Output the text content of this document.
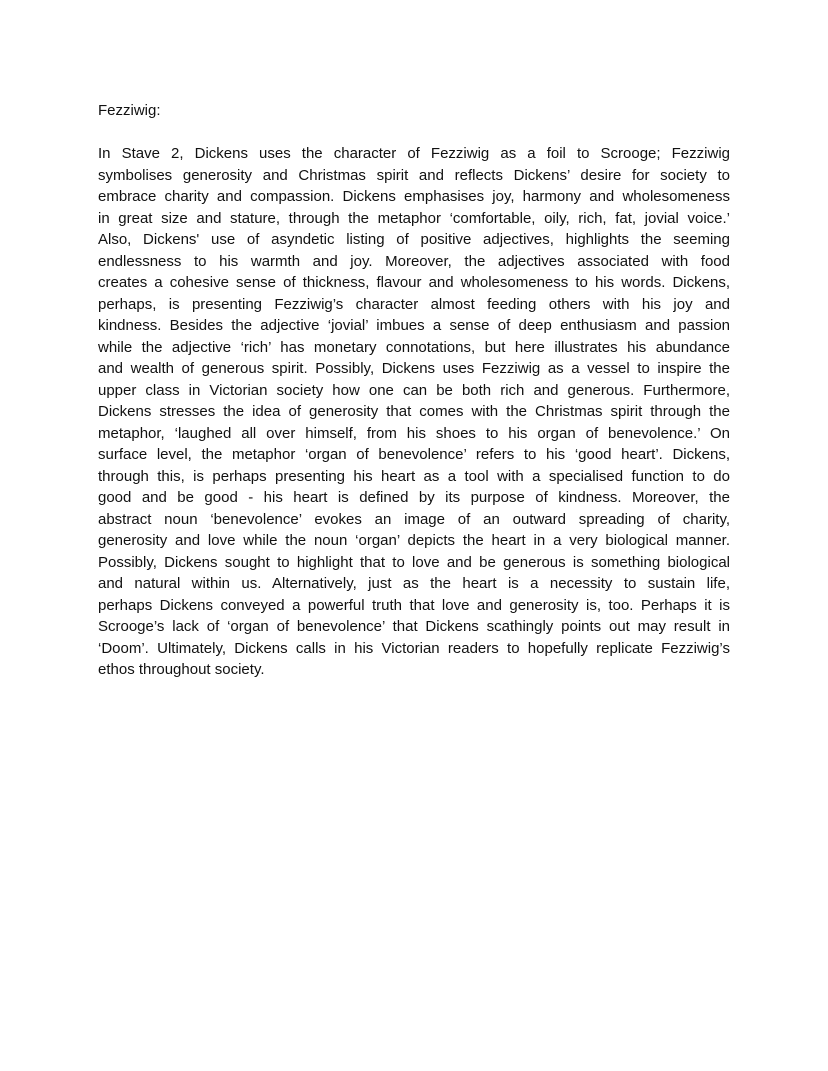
Fezziwig:
In Stave 2, Dickens uses the character of Fezziwig as a foil to Scrooge; Fezziwig
symbolises generosity and Christmas spirit and reflects Dickens’ desire for society to
embrace charity and compassion. Dickens emphasises joy, harmony and wholesomeness
in great size and stature, through the metaphor ‘comfortable, oily, rich, fat, jovial voice.’
Also, Dickens' use of asyndetic listing of positive adjectives, highlights the seeming
endlessness to his warmth and joy. Moreover, the adjectives associated with food
creates a cohesive sense of thickness, flavour and wholesomeness to his words. Dickens,
perhaps, is presenting Fezziwig’s character almost feeding others with his joy and
kindness. Besides the adjective ‘jovial’ imbues a sense of deep enthusiasm and passion
while the adjective ‘rich’ has monetary connotations, but here illustrates his abundance
and wealth of generous spirit. Possibly, Dickens uses Fezziwig as a vessel to inspire the
upper class in Victorian society how one can be both rich and generous. Furthermore,
Dickens stresses the idea of generosity that comes with the Christmas spirit through the
metaphor, ‘laughed all over himself, from his shoes to his organ of benevolence.’ On
surface level, the metaphor ‘organ of benevolence’ refers to his ‘good heart’. Dickens,
through this, is perhaps presenting his heart as a tool with a specialised function to do
good and be good - his heart is defined by its purpose of kindness. Moreover, the
abstract noun ‘benevolence’ evokes an image of an outward spreading of charity,
generosity and love while the noun ‘organ’ depicts the heart in a very biological manner.
Possibly, Dickens sought to highlight that to love and be generous is something biological
and natural within us. Alternatively, just as the heart is a necessity to sustain life,
perhaps Dickens conveyed a powerful truth that love and generosity is, too. Perhaps it is
Scrooge’s lack of ‘organ of benevolence’ that Dickens scathingly points out may result in
‘Doom’. Ultimately, Dickens calls in his Victorian readers to hopefully replicate Fezziwig’s
ethos throughout society.
